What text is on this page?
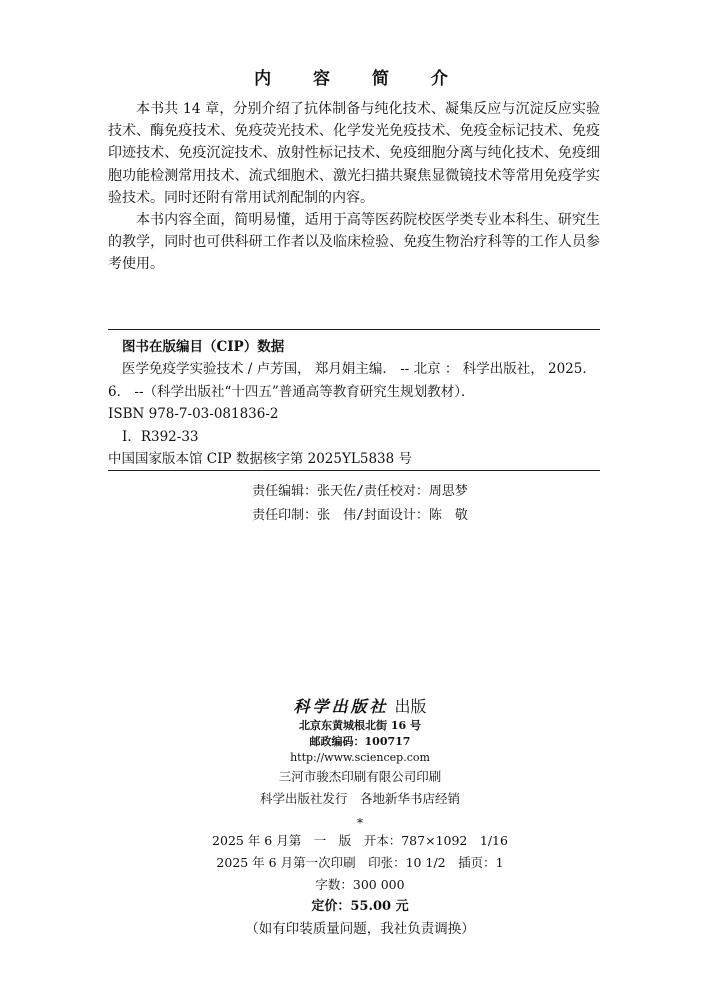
内 容 简 介

本书共 14 章，分别介绍了抗体制备与纯化技术、凝集反应与沉淀反应实验技术、酶免疫技术、免疫荧光技术、化学发光免疫技术、免疫金标记技术、免疫印迹技术、免疫沉淀技术、放射性标记技术、免疫细胞分离与纯化技术、免疫细胞功能检测常用技术、流式细胞术、激光扫描共聚焦显微镜技术等常用免疫学实验技术。同时还附有常用试剂配制的内容。

本书内容全面，简明易懂，适用于高等医药院校医学类专业本科生、研究生的教学，同时也可供科研工作者以及临床检验、免疫生物治疗科等的工作人员参考使用。

图书在版编目（CIP）数据
医学免疫学实验技术 / 卢芳国， 郑月娟主编． -- 北京 ： 科学出版社， 2025． 6． --（科学出版社“十四五”普通高等教育研究生规划教材）．
ISBN 978-7-03-081836-2
Ⅰ．R392-33
中国国家版本馆 CIP 数据核字第 2025YL5838 号
责任编辑：张天佐/责任校对：周思梦
责任印制：张　伟/封面设计：陈　敬
科学出版社 出版
北京东黄城根北街 16 号
邮政编码：100717
http://www.sciencep.com
三河市骏杰印刷有限公司印刷
科学出版社发行　各地新华书店经销
*
2025 年 6 月第　一　版　开本：787×1092　1/16
2025 年 6 月第一次印刷　印张：10 1/2　插页：1
字数：300 000
定价：55.00 元
（如有印装质量问题，我社负责调换）
